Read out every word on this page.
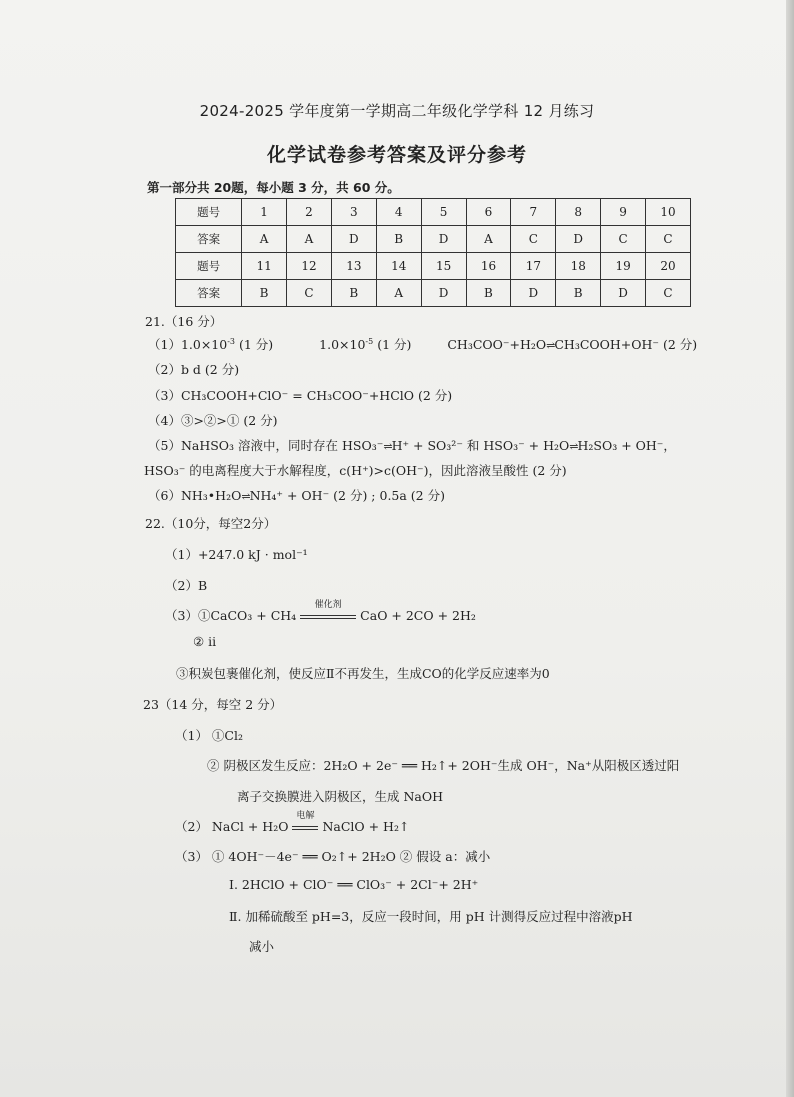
2024-2025 学年度第一学期高二年级化学学科 12 月练习
化学试卷参考答案及评分参考
第一部分共 20题，每小题 3 分，共 60 分。
题号	1	2	3	4	5	6	7	8	9	10
答案	A	A	D	B	D	A	C	D	C	C
题号	11	12	13	14	15	16	17	18	19	20
答案	B	C	B	A	D	B	D	B	D	C
21.（16 分）
$(1)1.0\times 10^{-3}$ (1 分)	$1.0\times 10^{-5}$ (1 分)	CH₃COO⁻+H₂O⇌CH₃COOH+OH⁻ (2 分)
（2）b d (2 分)
（3）CH₃COOH+ClO⁻ = CH₃COO⁻+HClO (2 分)
（4）③>②>① (2 分)
（5）NaHSO₃ 溶液中，同时存在 HSO₃⁻⇌H⁺ + SO₃²⁻ 和 HSO₃⁻ + H₂O⇌H₂SO₃ + OH⁻，
HSO₃⁻ 的电离程度大于水解程度，c(H⁺)>c(OH⁻)，因此溶液呈酸性 (2 分)
（6）NH₃•H₂O⇌NH₄⁺ + OH⁻ (2 分) ; 0.5a (2 分)
22.（10分，每空2分）
（1）+247.0 kJ · mol⁻¹
（2）B
（3）①CaCO₃ + CH₄
催化剂
CaO + 2CO + 2H₂
② ii
③积炭包裹催化剂，使反应Ⅱ不再发生，生成CO的化学反应速率为0
23（14 分，每空 2 分）
（1） ①Cl₂
② 阴极区发生反应：2H₂O + 2e⁻ ══ H₂↑+ 2OH⁻生成 OH⁻，Na⁺从阳极区透过阳
离子交换膜进入阴极区，生成 NaOH
（2） NaCl + H₂O
电解
NaClO + H₂↑
（3） ① 4OH⁻－4e⁻ ══ O₂↑+ 2H₂O ② 假设 a：减小
Ⅰ. 2HClO + ClO⁻ ══ ClO₃⁻ + 2Cl⁻+ 2H⁺
Ⅱ. 加稀硫酸至 pH=3，反应一段时间，用 pH 计测得反应过程中溶液pH
减小
